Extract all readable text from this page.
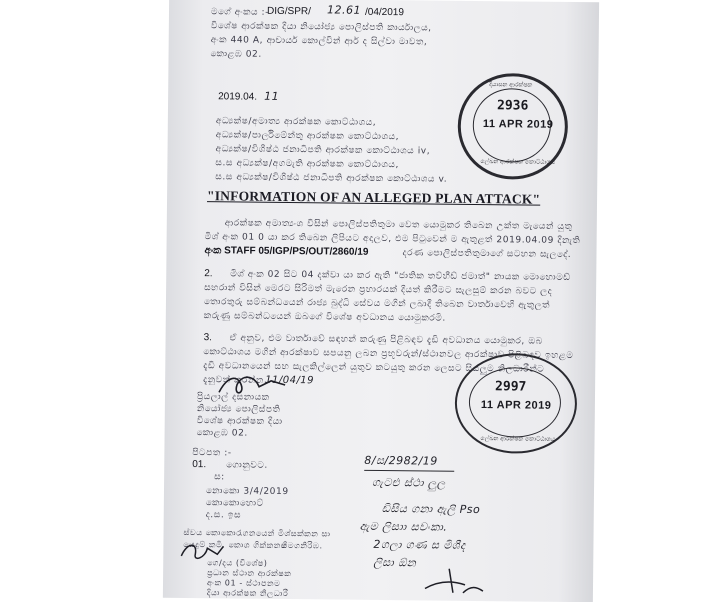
මගේ අංකය :-
DIG/SPR/ 12.61 /04/2019
විශේෂ ආරක්ෂක දියා නියෝජ්‍ය පොලිස්පති කාර්යාලය,
අංක 440 A, ආචාර්ය කොල්වින් ආර් ද සිල්වා මාවත,
කොළඹ 02.
2019.04. 11
අධ්‍යක්ෂ/අමාත්‍ය ආරක්ෂක කොට්ඨාශය,
අධ්‍යක්ෂ/පාර්ලිමේන්තු ආරක්ෂක කොට්ඨාශය,
අධ්‍යක්ෂ/විශිෂ්ඨ ජනාධිපති ආරක්ෂක කොට්ඨාශය iv,
ස.ස අධ්‍යක්ෂ/අගමැති ආරක්ෂක කොට්ඨාශය,
ස.ස අධ්‍යක්ෂ/විශිෂ්ඨ ජනාධිපති ආරක්ෂක කොට්ඨාශය v.
"INFORMATION OF AN ALLEGED PLAN ATTACK"
ආරක්ෂක අමාත්‍යංශ විසින් පොලිස්පතිතුමා වෙත යොමුකර තිබෙන උක්ත මැයෙන් යුතු
මිශ් අංක 01 0 යා කර තිබෙන ලිපියට අදාලව, එම පිටුවෙන් ම ඇතුළත් 2019.04.09 දිනැති
අංක STAFF 05/IGP/PS/OUT/2860/19	දරණ පොලිස්පතිතුමාගේ සටහන සැලදේ.
2. මිශ් අංක 02 සිට 04 දක්වා යා කර ඇති "ජාතික තව්හීඩ් ජමාත්" නායක මොහොමඩ්
සහරාන් විසින් මෙරට සිරිමත් මැරෙන ප්‍රහාරයක් දියත් කිරීමට සැලසුම් කරන බවට ලද
තොරතුරු සම්බන්ධයෙන් රාජ්‍ය බුද්ධි සේවය මගින් ලබාදී තිබෙන වාර්තාවෙහි ඇතුලත්
කරුණු සම්බන්ධයෙන් ඔබගේ විශේෂ අවධානය යොමුකරමි.
3. ඒ අනුව, එම වාර්තාවේ සඳහන් කරුණු පිළිබඳව දැඩි අවධානය යොමුකර, ඔබ
කොට්ඨාශය මගින් ආරක්ෂාව සපයනු ලබන ප්‍රභූවරුන්/ස්ථානවල ආරක්ෂාව පිළිබඳව ඉහළම
දැඩි අවධානයෙන් සහ සැලකිල්ලෙන් යුතුව කටයුතු කරන ලෙසට සියලුම නිලධාරීන්ට
දැනුවත් කරන්න.
11/04/19
ප්‍රියලාල් දසනායක
නියෝජ්‍ය පොලිස්පති
විශේෂ ආරක්ෂක දියා
කොළඹ 02.
පිටපත :-
01. ගොනුවට.
ස:
නොකො 3/4/2019
කොකොහොට්
ද.ස. ඉස
ස්වය කොකොරැගනයෙන් මිශ්සක්කන සා
යෙදුම් කමි. කොශ ගික්කනස
ගිමගනිරිඹ.
ගෙ/දය (විශේෂ)
ප්‍රධාන ස්ථාන ආරක්ෂක
අංක 01 - ස්ථාපනම
දියා ආරක්ෂක නිලධාරී
8/ස/2982/19
ගැටළු ස්ථා ලුල
ඩිසිය ගනා ඇලි Pso
ඇම ලිසාා සවංකා.
2ගලා ගණ ස මිශීද
ලිසා ඕන
දියාසන ආරක්ෂක
2936
11 APR 2019
ලේඛන ආරක්ෂක කොට්ඨාශය
2997
11 APR 2019
ලේඛන ආරක්ෂක කොට්ඨාශය
